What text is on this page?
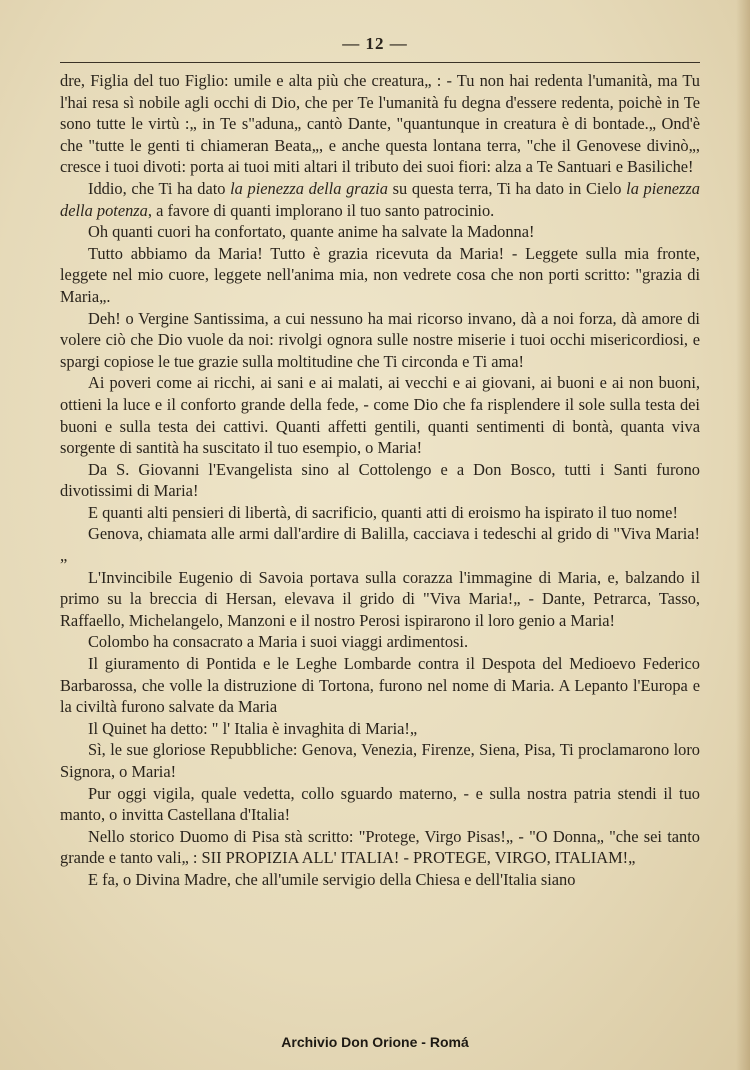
— 12 —

dre, Figlia del tuo Figlio: umile e alta più che creatura„ : - Tu non hai redenta l'umanità, ma Tu l'hai resa sì nobile agli occhi di Dio, che per Te l'umanità fu degna d'essere redenta, poichè in Te sono tutte le virtù :„ in Te s"aduna„ cantò Dante, "quantunque in creatura è di bontade.„ Ond'è che "tutte le genti ti chiameran Beata„, e anche questa lontana terra, "che il Genovese divinò„, cresce i tuoi divoti: porta ai tuoi miti altari il tributo dei suoi fiori: alza a Te Santuari e Basiliche!

Iddio, che Ti ha dato la pienezza della grazia su questa terra, Ti ha dato in Cielo la pienezza della potenza, a favore di quanti implorano il tuo santo patrocinio.

Oh quanti cuori ha confortato, quante anime ha salvate la Madonna!

Tutto abbiamo da Maria! Tutto è grazia ricevuta da Maria! - Leggete sulla mia fronte, leggete nel mio cuore, leggete nell'anima mia, non vedrete cosa che non porti scritto: "grazia di Maria„.

Deh! o Vergine Santissima, a cui nessuno ha mai ricorso invano, dà a noi forza, dà amore di volere ciò che Dio vuole da noi: rivolgi ognora sulle nostre miserie i tuoi occhi misericordiosi, e spargi copiose le tue grazie sulla moltitudine che Ti circonda e Ti ama!

Ai poveri come ai ricchi, ai sani e ai malati, ai vecchi e ai giovani, ai buoni e ai non buoni, ottieni la luce e il conforto grande della fede, - come Dio che fa risplendere il sole sulla testa dei buoni e sulla testa dei cattivi. Quanti affetti gentili, quanti sentimenti di bontà, quanta viva sorgente di santità ha suscitato il tuo esempio, o Maria!

Da S. Giovanni l'Evangelista sino al Cottolengo e a Don Bosco, tutti i Santi furono divotissimi di Maria!

E quanti alti pensieri di libertà, di sacrificio, quanti atti di eroismo ha ispirato il tuo nome!

Genova, chiamata alle armi dall'ardire di Balilla, cacciava i tedeschi al grido di "Viva Maria!„

L'Invincibile Eugenio di Savoia portava sulla corazza l'immagine di Maria, e, balzando il primo su la breccia di Hersan, elevava il grido di "Viva Maria!„ - Dante, Petrarca, Tasso, Raffaello, Michelangelo, Manzoni e il nostro Perosi ispirarono il loro genio a Maria!

Colombo ha consacrato a Maria i suoi viaggi ardimentosi.

Il giuramento di Pontida e le Leghe Lombarde contra il Despota del Medioevo Federico Barbarossa, che volle la distruzione di Tortona, furono nel nome di Maria. A Lepanto l'Europa e la civiltà furono salvate da Maria

Il Quinet ha detto: " l' Italia è invaghita di Maria!„

Sì, le sue gloriose Repubbliche: Genova, Venezia, Firenze, Siena, Pisa, Ti proclamarono loro Signora, o Maria!

Pur oggi vigila, quale vedetta, collo sguardo materno, - e sulla nostra patria stendi il tuo manto, o invitta Castellana d'Italia!

Nello storico Duomo di Pisa stà scritto: "Protege, Virgo Pisas!„ - "O Donna„ "che sei tanto grande e tanto vali„ : SII PROPIZIA ALL' ITALIA! - PROTEGE, VIRGO, ITALIAM!„

E fa, o Divina Madre, che all'umile servigio della Chiesa e dell'Italia siano

Archivio Don Orione - Romá
